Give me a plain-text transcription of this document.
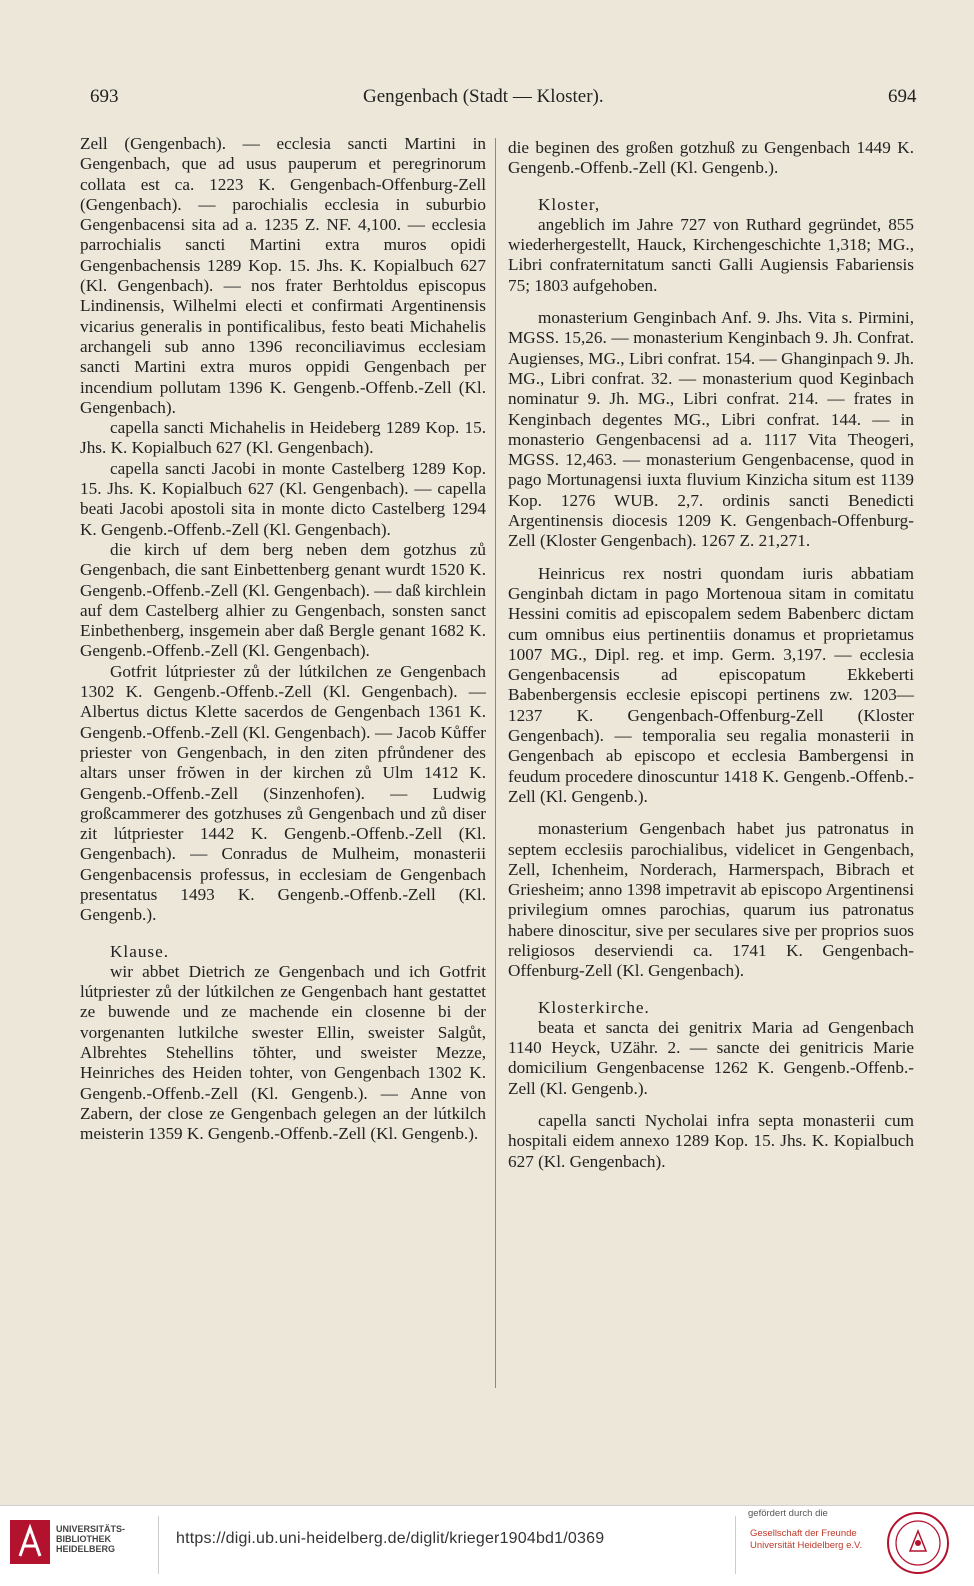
693	Gengenbach (Stadt — Kloster).	694

Zell (Gengenbach). — ecclesia sancti Martini in Gengenbach, que ad usus pauperum et peregrinorum collata est ca. 1223 K. Gengenbach-Offenburg-Zell (Gengenbach). — parochialis ecclesia in suburbio Gengenbacensi sita ad a. 1235 Z. NF. 4,100. — ecclesia parrochialis sancti Martini extra muros opidi Gengenbachensis 1289 Kop. 15. Jhs. K. Kopialbuch 627 (Kl. Gengenbach). — nos frater Berhtoldus episcopus Lindinensis, Wilhelmi electi et confirmati Argentinensis vicarius generalis in pontificalibus, festo beati Michahelis archangeli sub anno 1396 reconciliavimus ecclesiam sancti Martini extra muros oppidi Gengenbach per incendium pollutam 1396 K. Gengenb.-Offenb.-Zell (Kl. Gengenbach).

capella sancti Michahelis in Heideberg 1289 Kop. 15. Jhs. K. Kopialbuch 627 (Kl. Gengenbach).

capella sancti Jacobi in monte Castelberg 1289 Kop. 15. Jhs. K. Kopialbuch 627 (Kl. Gengenbach). — capella beati Jacobi apostoli sita in monte dicto Castelberg 1294 K. Gengenb.-Offenb.-Zell (Kl. Gengenbach).

die kirch uf dem berg neben dem gotzhus zů Gengenbach, die sant Einbettenberg genant wurdt 1520 K. Gengenb.-Offenb.-Zell (Kl. Gengenbach). — daß kirchlein auf dem Castelberg alhier zu Gengenbach, sonsten sanct Einbethenberg, insgemein aber daß Bergle genant 1682 K. Gengenb.-Offenb.-Zell (Kl. Gengenbach).

Gotfrit lútpriester zů der lútkilchen ze Gengenbach 1302 K. Gengenb.-Offenb.-Zell (Kl. Gengenbach). — Albertus dictus Klette sacerdos de Gengenbach 1361 K. Gengenb.-Offenb.-Zell (Kl. Gengenbach). — Jacob Kůffer priester von Gengenbach, in den ziten pfrůndener des altars unser frŏwen in der kirchen zů Ulm 1412 K. Gengenb.-Offenb.-Zell (Sinzenhofen). — Ludwig großcammerer des gotzhuses zů Gengenbach und zů diser zit lútpriester 1442 K. Gengenb.-Offenb.-Zell (Kl. Gengenbach). — Conradus de Mulheim, monasterii Gengenbacensis professus, in ecclesiam de Gengenbach presentatus 1493 K. Gengenb.-Offenb.-Zell (Kl. Gengenb.).

Klause.

wir abbet Dietrich ze Gengenbach und ich Gotfrit lútpriester zů der lútkilchen ze Gengenbach hant gestattet ze buwende und ze machende ein closenne bi der vorgenanten lutkilche swester Ellin, sweister Salgůt, Albrehtes Stehellins tŏhter, und sweister Mezze, Heinriches des Heiden tohter, von Gengenbach 1302 K. Gengenb.-Offenb.-Zell (Kl. Gengenb.). — Anne von Zabern, der close ze Gengenbach gelegen an der lútkilch meisterin 1359 K. Gengenb.-Offenb.-Zell (Kl. Gengenb.).

die beginen des großen gotzhuß zu Gengenbach 1449 K. Gengenb.-Offenb.-Zell (Kl. Gengenb.).

Kloster,

angeblich im Jahre 727 von Ruthard gegründet, 855 wiederhergestellt, Hauck, Kirchengeschichte 1,318; MG., Libri confraternitatum sancti Galli Augiensis Fabariensis 75; 1803 aufgehoben.

monasterium Genginbach Anf. 9. Jhs. Vita s. Pirmini, MGSS. 15,26. — monasterium Kenginbach 9. Jh. Confrat. Augienses, MG., Libri confrat. 154. — Ghanginpach 9. Jh. MG., Libri confrat. 32. — monasterium quod Keginbach nominatur 9. Jh. MG., Libri confrat. 214. — frates in Kenginbach degentes MG., Libri confrat. 144. — in monasterio Gengenbacensi ad a. 1117 Vita Theogeri, MGSS. 12,463. — monasterium Gengenbacense, quod in pago Mortunagensi iuxta fluvium Kinzicha situm est 1139 Kop. 1276 WUB. 2,7. ordinis sancti Benedicti Argentinensis diocesis 1209 K. Gengenbach-Offenburg-Zell (Kloster Gengenbach). 1267 Z. 21,271.

Heinricus rex nostri quondam iuris abbatiam Genginbah dictam in pago Mortenoua sitam in comitatu Hessini comitis ad episcopalem sedem Babenberc dictam cum omnibus eius pertinentiis donamus et proprietamus 1007 MG., Dipl. reg. et imp. Germ. 3,197. — ecclesia Gengenbacensis ad episcopatum Ekkeberti Babenbergensis ecclesie episcopi pertinens zw. 1203—1237 K. Gengenbach-Offenburg-Zell (Kloster Gengenbach). — temporalia seu regalia monasterii in Gengenbach ab episcopo et ecclesia Bambergensi in feudum procedere dinoscuntur 1418 K. Gengenb.-Offenb.-Zell (Kl. Gengenb.).

monasterium Gengenbach habet jus patronatus in septem ecclesiis parochialibus, videlicet in Gengenbach, Zell, Ichenheim, Norderach, Harmerspach, Bibrach et Griesheim; anno 1398 impetravit ab episcopo Argentinensi privilegium omnes parochias, quarum ius patronatus habere dinoscitur, sive per seculares sive per proprios suos religiosos deserviendi ca. 1741 K. Gengenbach-Offenburg-Zell (Kl. Gengenbach).

Klosterkirche.

beata et sancta dei genitrix Maria ad Gengenbach 1140 Heyck, UZähr. 2. — sancte dei genitricis Marie domicilium Gengenbacense 1262 K. Gengenb.-Offenb.-Zell (Kl. Gengenb.).

capella sancti Nycholai infra septa monasterii cum hospitali eidem annexo 1289 Kop. 15. Jhs. K. Kopialbuch 627 (Kl. Gengenbach).

UNIVERSITÄTS-
BIBLIOTHEK
HEIDELBERG
https://digi.ub.uni-heidelberg.de/diglit/krieger1904bd1/0369
gefördert durch die
Gesellschaft der Freunde
Universität Heidelberg e.V.
